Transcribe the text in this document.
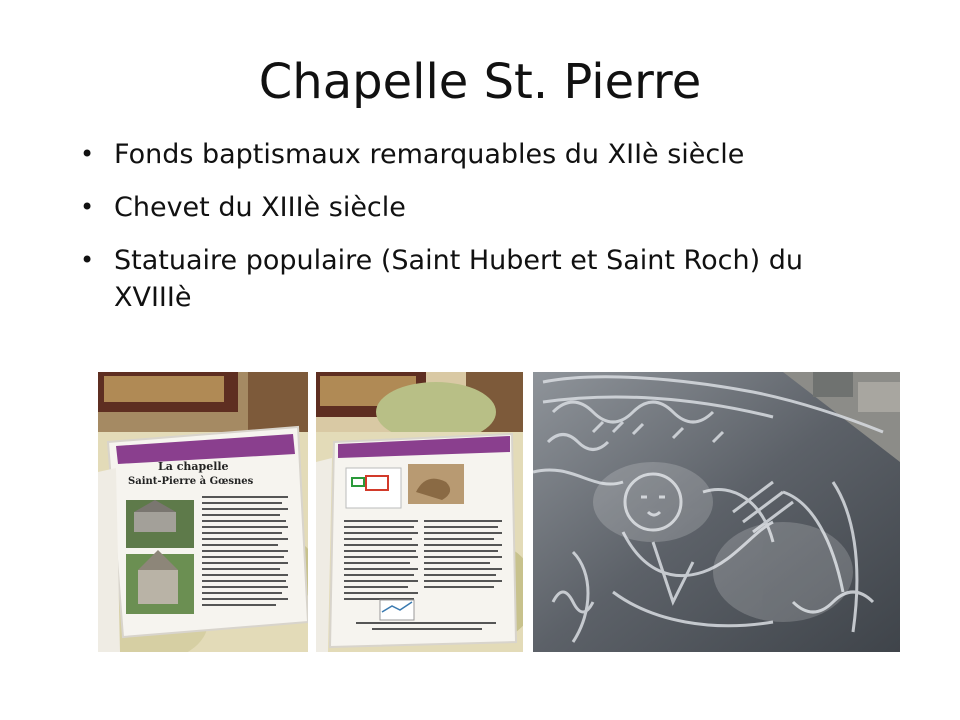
Chapelle St. Pierre
• Fonds baptismaux remarquables du XIIè siècle
• Chevet du XIIIè siècle
• Statuaire populaire (Saint Hubert et Saint Roch) du XVIIIè
La chapelle
Saint-Pierre à Gœsnes
